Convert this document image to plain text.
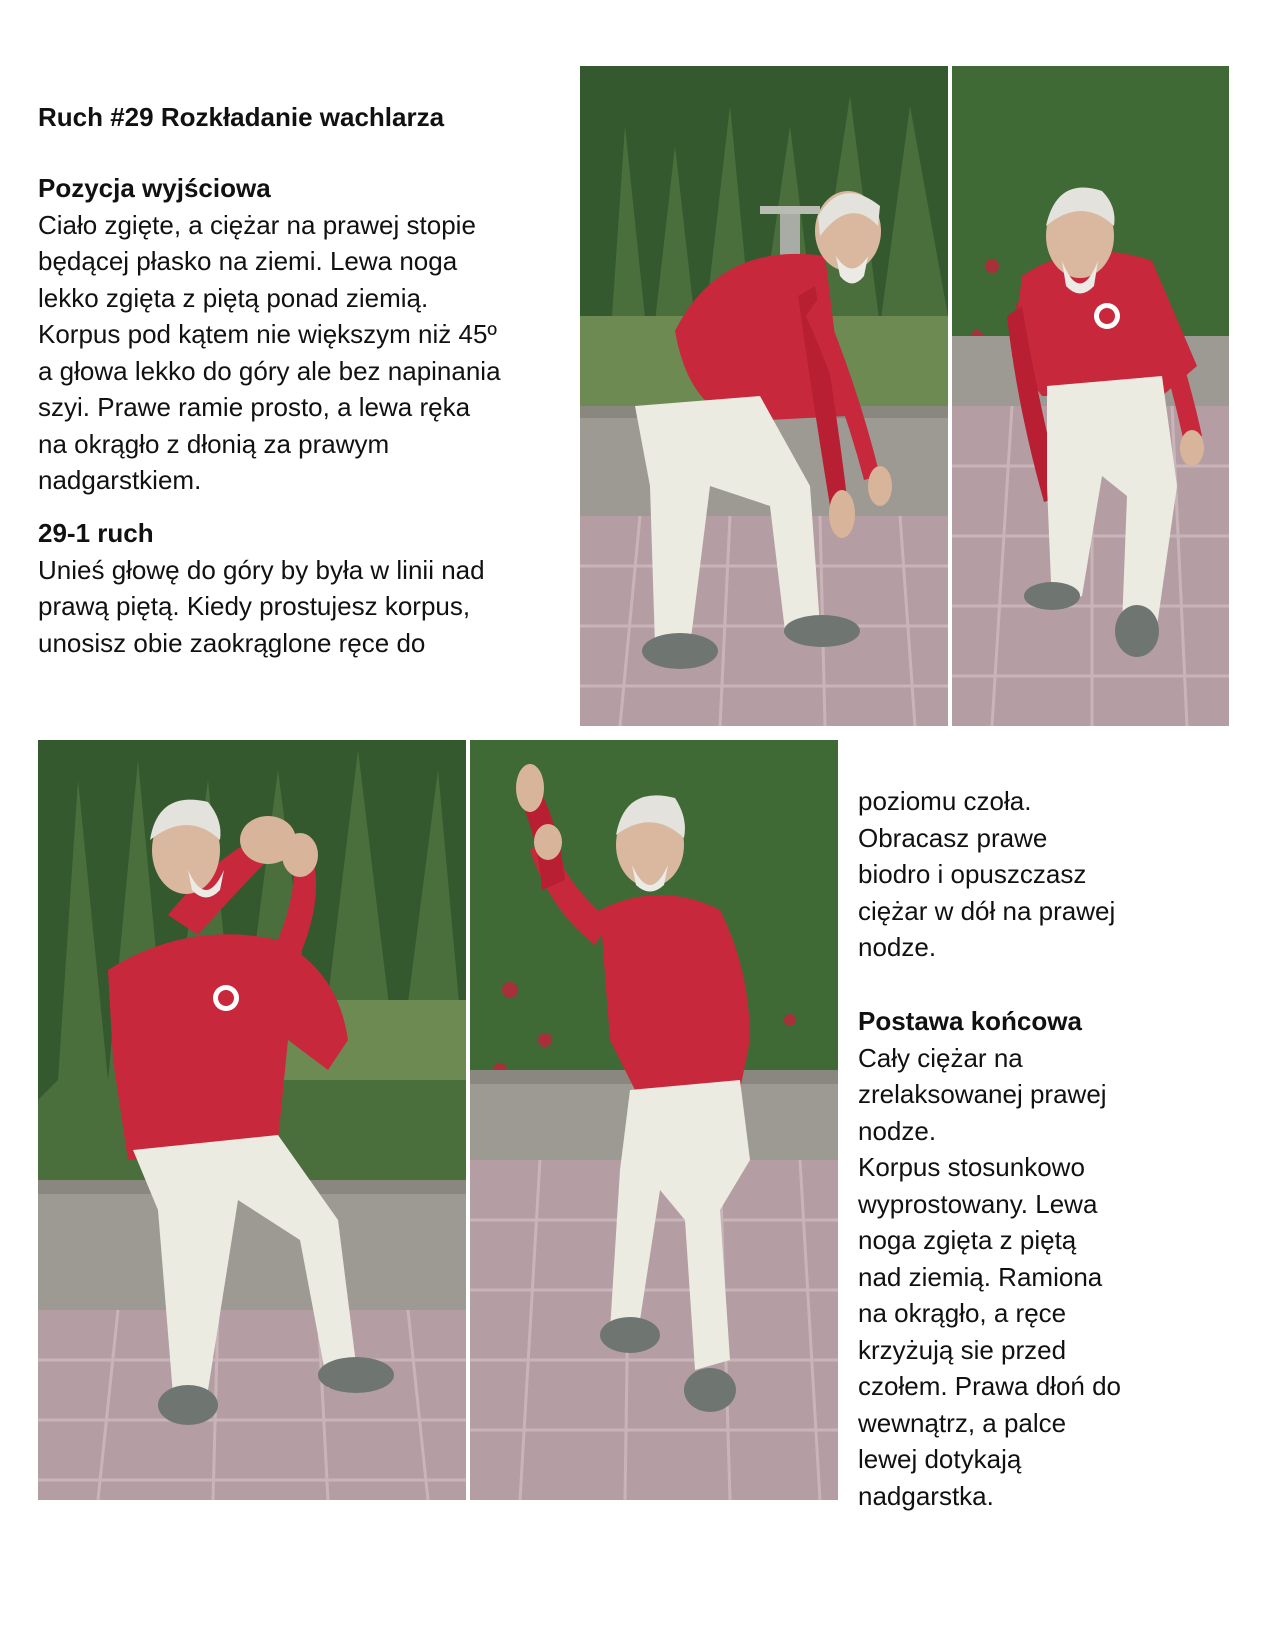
Ruch #29 Rozkładanie wachlarza

Pozycja wyjściowa

Ciało zgięte, a ciężar na prawej stopie

będącej płasko na ziemi. Lewa noga

lekko zgięta z piętą ponad ziemią.

Korpus pod kątem nie większym niż 45º

a głowa lekko do góry ale bez napinania

szyi. Prawe ramie prosto, a lewa ręka

na okrągło z dłonią za prawym

nadgarstkiem.

29-1 ruch

Unieś głowę do góry by była w linii nad

prawą piętą. Kiedy prostujesz korpus,

unosisz obie zaokrąglone ręce do

poziomu czoła.

Obracasz prawe

biodro i opuszczasz

ciężar w dół na prawej

nodze.

Postawa końcowa

Cały ciężar na

zrelaksowanej prawej

nodze.

Korpus stosunkowo

wyprostowany. Lewa

noga zgięta z piętą

nad ziemią. Ramiona

na okrągło, a ręce

krzyżują sie przed

czołem. Prawa dłoń do

wewnątrz, a palce

lewej dotykają

nadgarstka.
